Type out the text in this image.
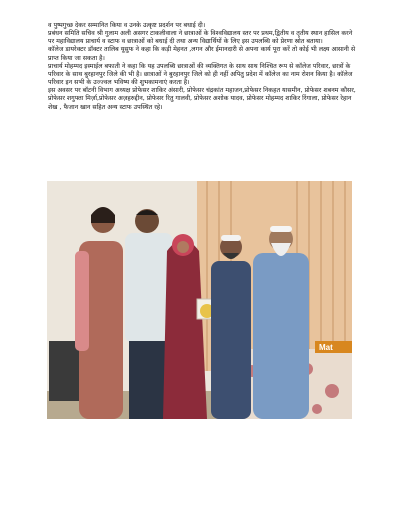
व पुष्पगुच्छ देकर सम्मानित किया व उनके उत्कृष्ट प्रदर्शन पर बधाई दी।

प्रबंधन समिति सचिव श्री गुलाम अली असगर टाकलीवाला ने छात्राओं के विश्वविद्यालय स्तर पर प्रथम,द्वितीय व तृतीय स्थान हासिल करने पर महाविद्यालय प्राचार्य व स्टाफ व छात्राओं को बधाई दी तथा अन्य विद्यार्थियों के लिए इस उपलब्धि को प्रेरणा स्रोत बताया।

कॉलेज डायरेक्टर डॉक्टर तालिब यूसुफ ने कहा कि कड़ी मेहनत ,लगन और ईमानदारी से अपना कार्य पूरा करें तो कोई भी लक्ष्य आसानी से प्राप्त किया जा सकता है।

प्राचार्य मोहम्मद इस्माईल बफाती ने कहा कि यह उपलब्धि छात्राओं की व्यक्तिगत के साथ साथ निश्चित रूप से कॉलेज परिवार, छात्रों के परिवार के साथ बुरहानपुर जिले की भी है। छात्राओं ने बुरहानपुर जिले को ही नहीं अपितु प्रदेश में कॉलेज का नाम रोशन किया है। कॉलेज परिवार इन सभी के उज्ज्वल भविष्य की शुभकामनाएं करता है।

इस अवसर पर बॉटनी विभाग अध्यक्ष प्रोफेसर शाकिर अंसारी, प्रोफेसर चंद्रकांत महाजन,प्रोफेसर निकहत यासमीन, प्रोफेसर शबनम कौसर, प्रोफेसर शगुफ्ता मिर्ज़ा,प्रोफेसर अज़हरुद्दीन, प्रोफेसर रितु गालवी, प्रोफेसर अशोक यादव, प्रोफेसर मोहम्मद शाकिर रिंगाला, प्रोफेसर रेहान शेख , फैजान खान सहित अन्य स्टाफ उपस्थित रहे।

Mat
